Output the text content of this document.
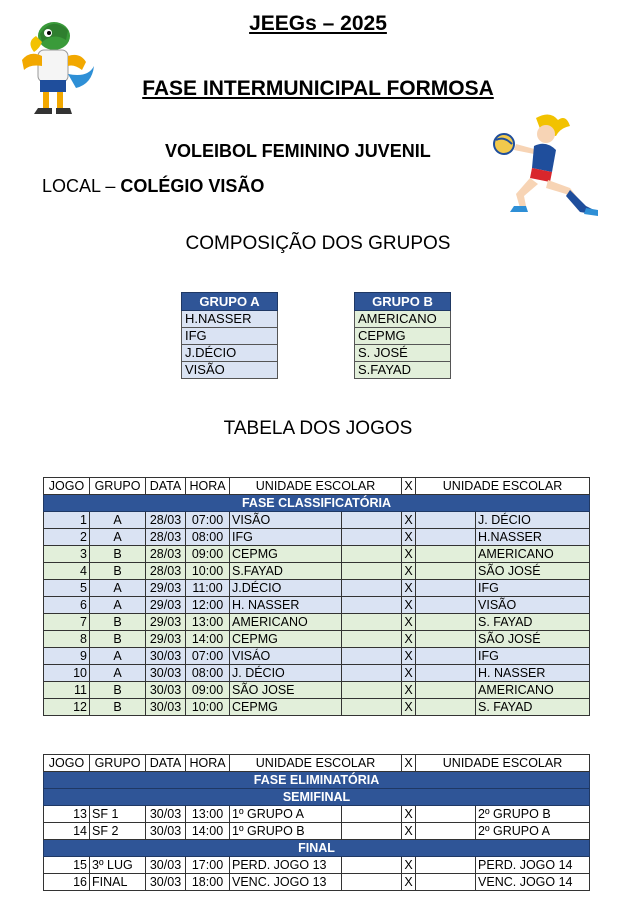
JEEGs – 2025
FASE INTERMUNICIPAL FORMOSA
VOLEIBOL FEMININO JUVENIL
LOCAL – COLÉGIO VISÃO
COMPOSIÇÃO DOS GRUPOS
GRUPO A
H.NASSER
IFG
J.DÉCIO
VISÃO
GRUPO B
AMERICANO
CEPMG
S. JOSÉ
S.FAYAD
TABELA DOS JOGOS
JOGO	GRUPO	DATA	HORA	UNIDADE ESCOLAR		X	UNIDADE ESCOLAR	
FASE CLASSIFICATÓRIA								
1	A	28/03	07:00	VISÃO		X		J. DÉCIO
2	A	28/03	08:00	IFG		X		H.NASSER
3	B	28/03	09:00	CEPMG		X		AMERICANO
4	B	28/03	10:00	S.FAYAD		X		SÃO JOSÉ
5	A	29/03	11:00	J.DÉCIO		X		IFG
6	A	29/03	12:00	H. NASSER		X		VISÃO
7	B	29/03	13:00	AMERICANO		X		S. FAYAD
8	B	29/03	14:00	CEPMG		X		SÃO JOSÉ
9	A	30/03	07:00	VISÁO		X		IFG
10	A	30/03	08:00	J. DÉCIO		X		H. NASSER
11	B	30/03	09:00	SÃO JOSE		X		AMERICANO
12	B	30/03	10:00	CEPMG		X		S. FAYAD
JOGO	GRUPO	DATA	HORA	UNIDADE ESCOLAR		X	UNIDADE ESCOLAR	
FASE ELIMINATÓRIA								
SEMIFINAL								
13	SF 1	30/03	13:00	1º GRUPO A		X		2º GRUPO B
14	SF 2	30/03	14:00	1º GRUPO B		X		2º GRUPO A
FINAL								
15	3º LUG	30/03	17:00	PERD. JOGO 13		X		PERD. JOGO 14
16	FINAL	30/03	18:00	VENC. JOGO 13		X		VENC. JOGO 14
